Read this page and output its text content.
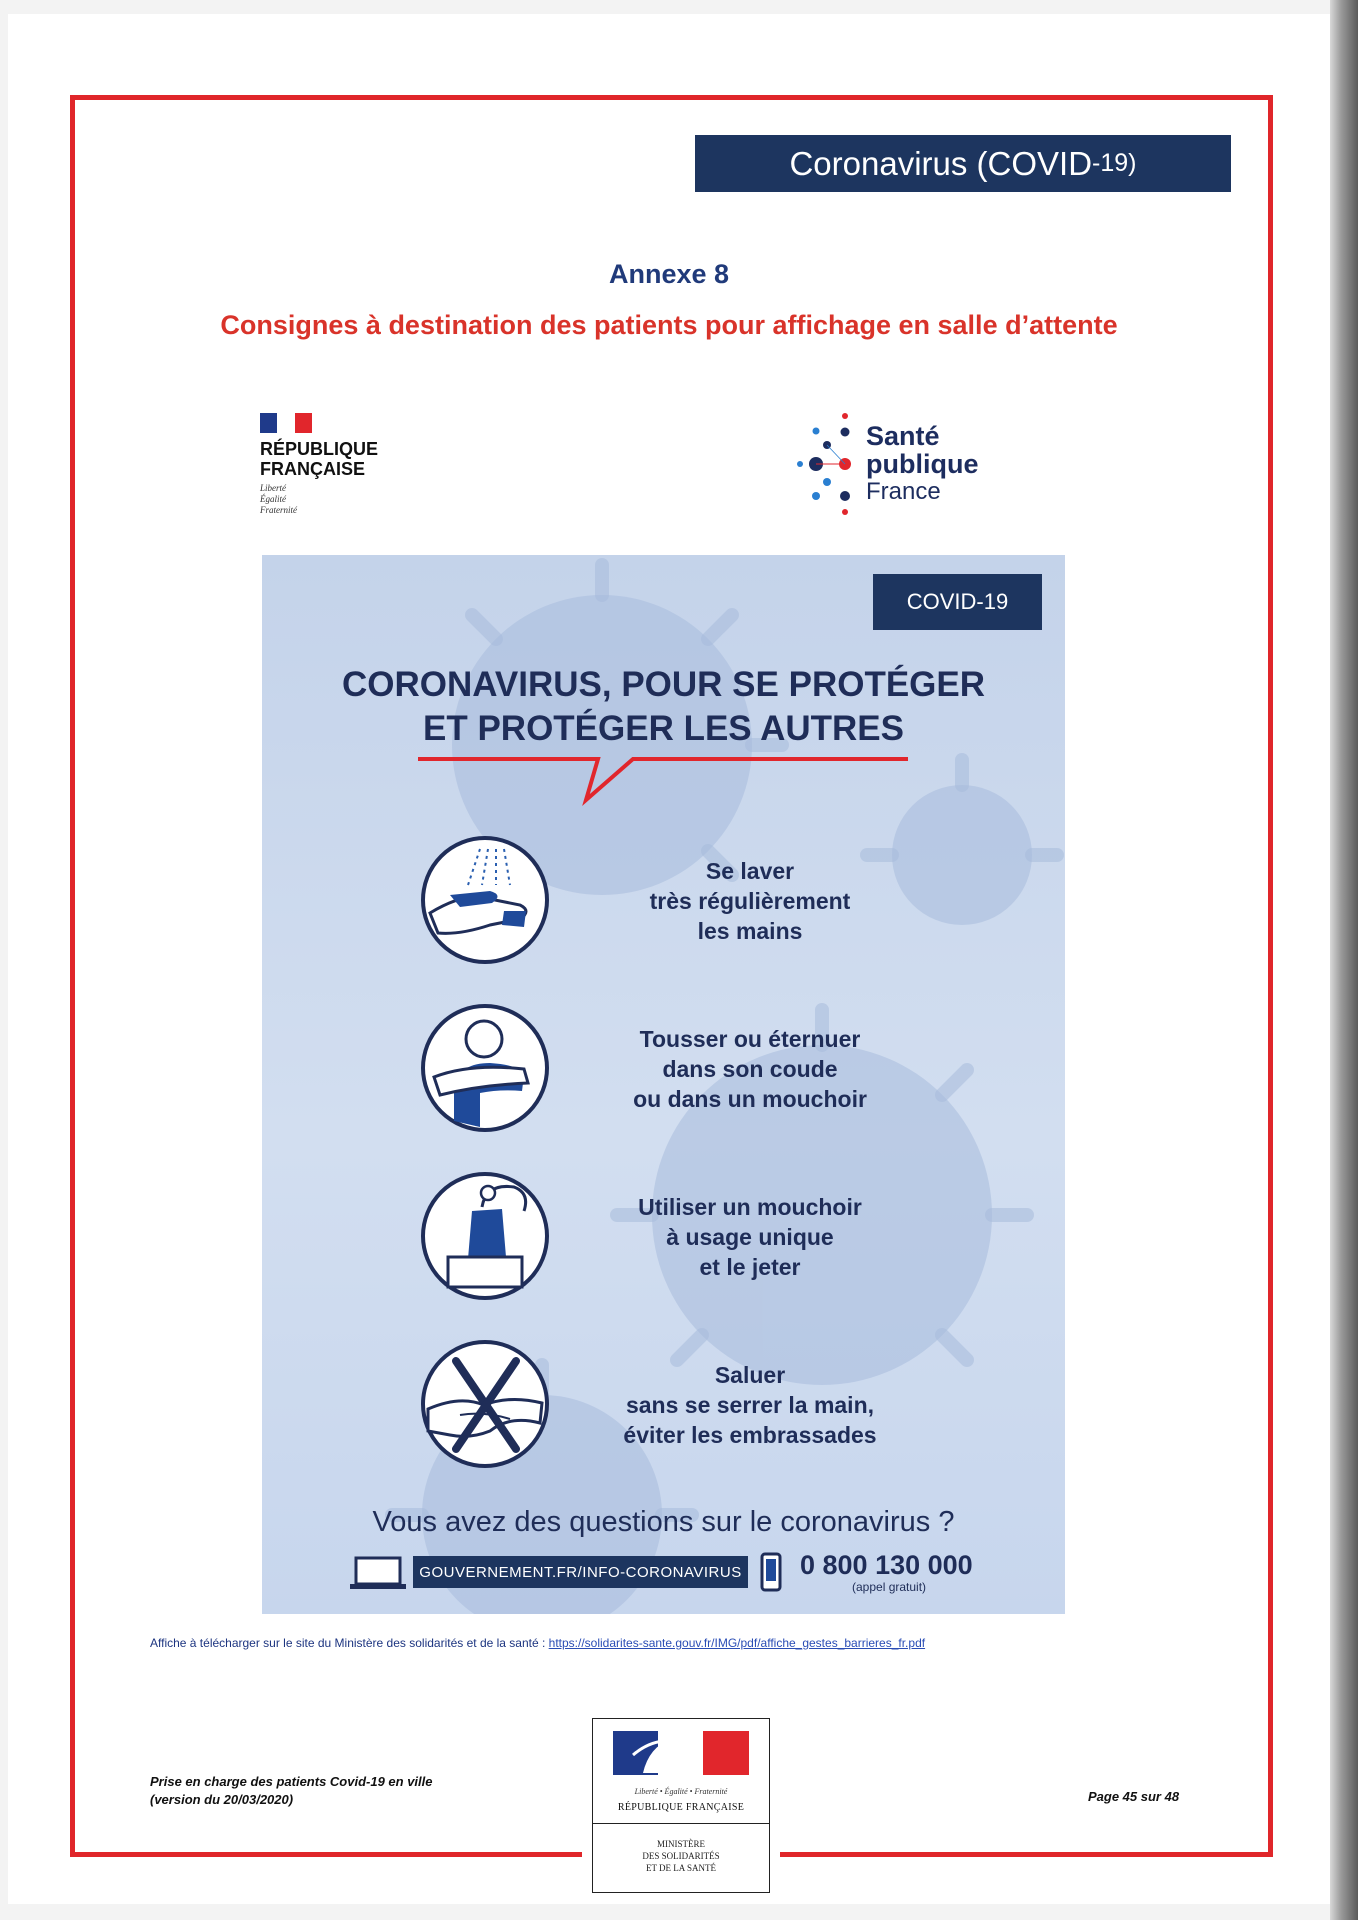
Coronavirus (COVID -19)
Annexe 8
Consignes à destination des patients pour affichage en salle d’attente
RÉPUBLIQUE
FRANÇAISE
Liberté
Égalité
Fraternité
Santé
publique
France
COVID-19
CORONAVIRUS, POUR SE PROTÉGER
ET PROTÉGER LES AUTRES
Se laver
très régulièrement
les mains
Tousser ou éternuer
dans son coude
ou dans un mouchoir
Utiliser un mouchoir
à usage unique
et le jeter
Saluer
sans se serrer la main,
éviter les embrassades
Vous avez des questions sur le coronavirus ?
GOUVERNEMENT.FR/INFO-CORONAVIRUS 0 800 130 000
(appel gratuit)
Affiche à télécharger sur le site du Ministère des solidarités et de la santé : https://solidarites-sante.gouv.fr/IMG/pdf/affiche_gestes_barrieres_fr.pdf
Prise en charge des patients Covid-19 en ville
(version du 20/03/2020)
Liberté • Égalité • Fraternité
RÉPUBLIQUE FRANÇAISE
MINISTÈRE
DES SOLIDARITÉS
ET DE LA SANTÉ
Page 45 sur 48
